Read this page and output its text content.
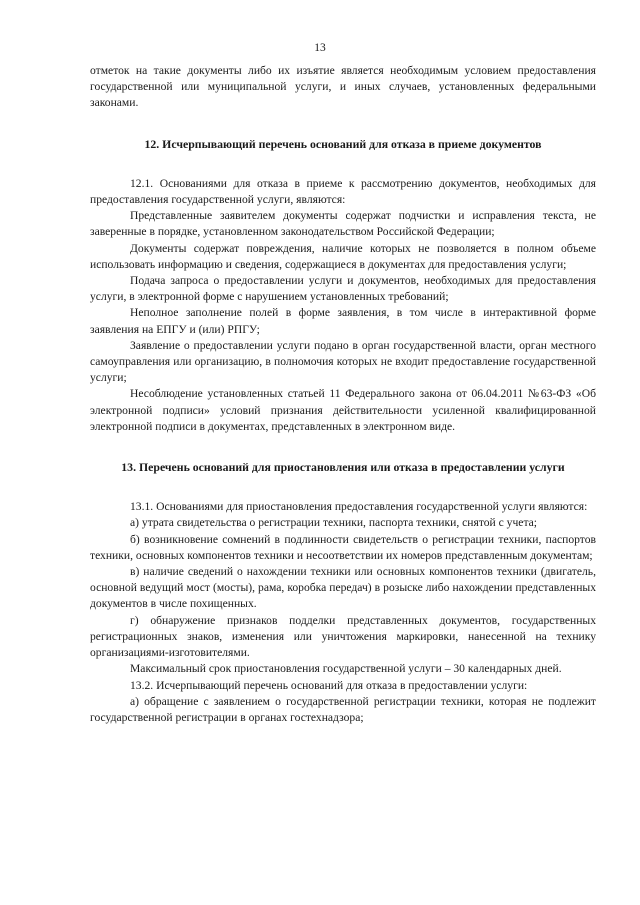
13

отметок на такие документы либо их изъятие является необходимым условием предоставления государственной или муниципальной услуги, и иных случаев, установленных федеральными законами.

12. Исчерпывающий перечень оснований для отказа в приеме документов

12.1. Основаниями для отказа в приеме к рассмотрению документов, необходимых для предоставления государственной услуги, являются:

Представленные заявителем документы содержат подчистки и исправления текста, не заверенные в порядке, установленном законодательством Российской Федерации;

Документы содержат повреждения, наличие которых не позволяется в полном объеме использовать информацию и сведения, содержащиеся в документах для предоставления услуги;

Подача запроса о предоставлении услуги и документов, необходимых для предоставления услуги, в электронной форме с нарушением установленных требований;

Неполное заполнение полей в форме заявления, в том числе в интерактивной форме заявления на ЕПГУ и (или) РПГУ;

Заявление о предоставлении услуги подано в орган государственной власти, орган местного самоуправления или организацию, в полномочия которых не входит предоставление государственной услуги;

Несоблюдение установленных статьей 11 Федерального закона от 06.04.2011 №63-ФЗ «Об электронной подписи» условий признания действительности усиленной квалифицированной электронной подписи в документах, представленных в электронном виде.

13. Перечень оснований для приостановления или отказа в предоставлении услуги

13.1. Основаниями для приостановления предоставления государственной услуги являются:

а) утрата свидетельства о регистрации техники, паспорта техники, снятой с учета;

б) возникновение сомнений в подлинности свидетельств о регистрации техники, паспортов техники, основных компонентов техники и несоответствии их номеров представленным документам;

в) наличие сведений о нахождении техники или основных компонентов техники (двигатель, основной ведущий мост (мосты), рама, коробка передач) в розыске либо нахождении представленных документов в числе похищенных.

г) обнаружение признаков подделки представленных документов, государственных регистрационных знаков, изменения или уничтожения маркировки, нанесенной на технику организациями-изготовителями.

Максимальный срок приостановления государственной услуги – 30 календарных дней.

13.2. Исчерпывающий перечень оснований для отказа в предоставлении услуги:

а) обращение с заявлением о государственной регистрации техники, которая не подлежит государственной регистрации в органах гостехнадзора;
